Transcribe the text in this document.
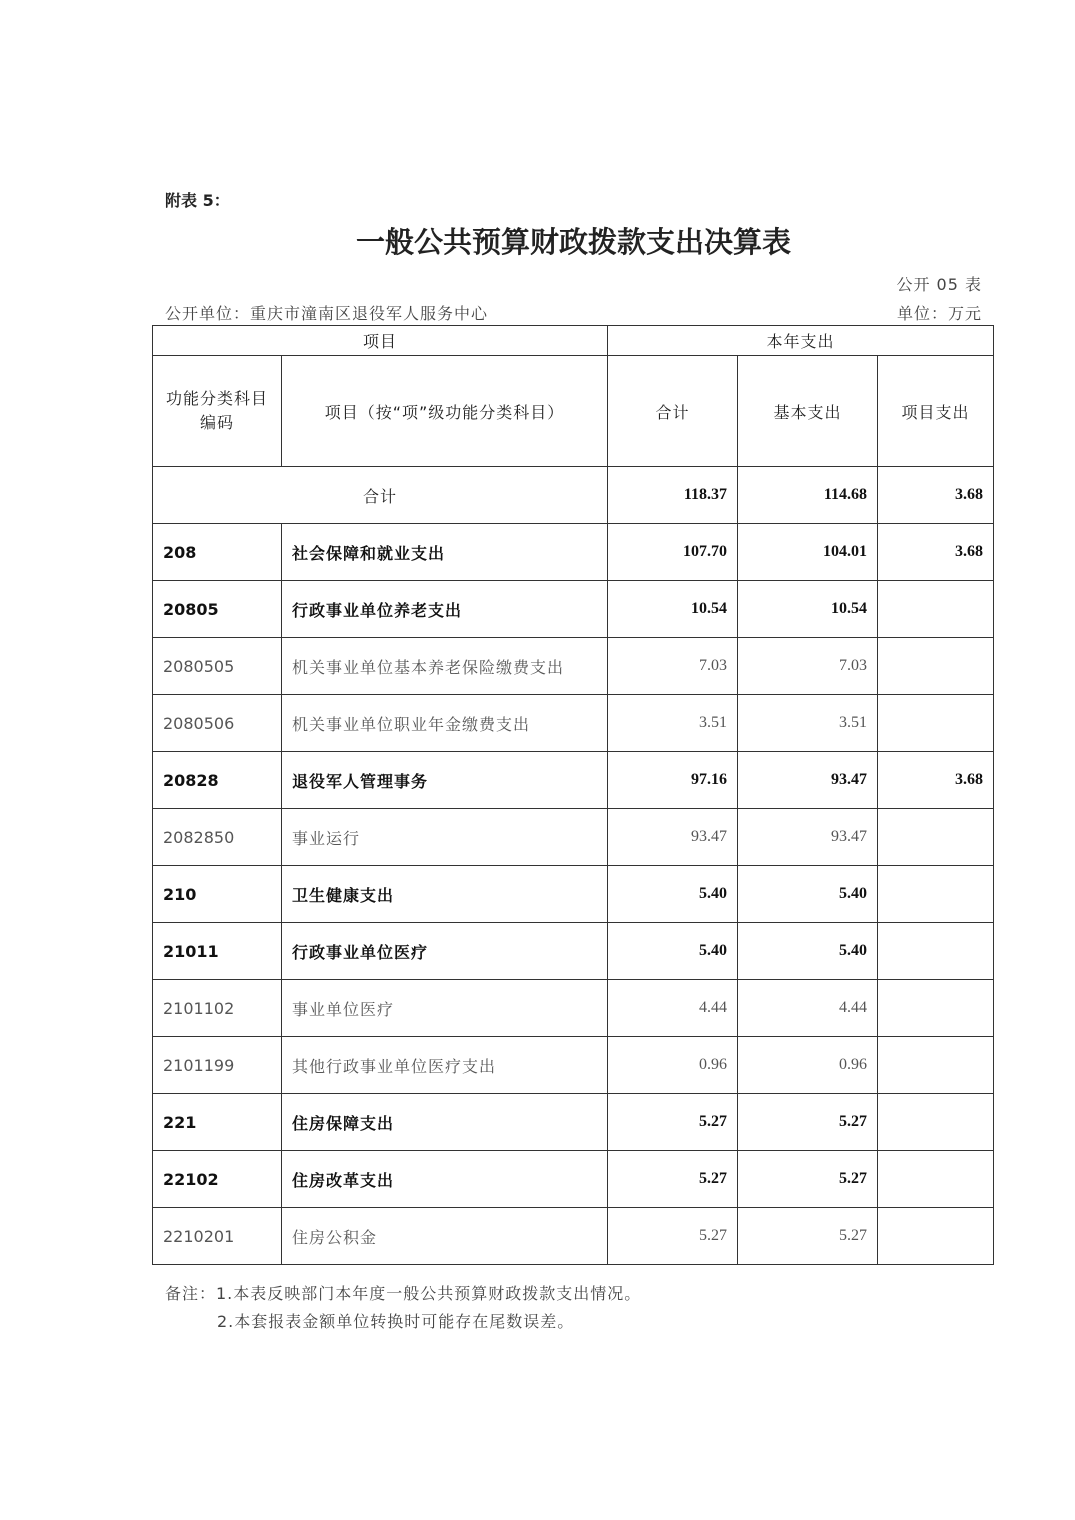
附表 5：
一般公共预算财政拨款支出决算表
公开 05 表
公开单位：重庆市潼南区退役军人服务中心	单位：万元
项目		本年支出		
功能分类科目编码	项目（按“项”级功能分类科目）	合计	基本支出	项目支出
合计		118.37	114.68	3.68
208	社会保障和就业支出	107.70	104.01	3.68
20805	行政事业单位养老支出	10.54	10.54	
2080505	机关事业单位基本养老保险缴费支出	7.03	7.03	
2080506	机关事业单位职业年金缴费支出	3.51	3.51	
20828	退役军人管理事务	97.16	93.47	3.68
2082850	事业运行	93.47	93.47	
210	卫生健康支出	5.40	5.40	
21011	行政事业单位医疗	5.40	5.40	
2101102	事业单位医疗	4.44	4.44	
2101199	其他行政事业单位医疗支出	0.96	0.96	
221	住房保障支出	5.27	5.27	
22102	住房改革支出	5.27	5.27	
2210201	住房公积金	5.27	5.27	
备注：1.本表反映部门本年度一般公共预算财政拨款支出情况。
2.本套报表金额单位转换时可能存在尾数误差。
